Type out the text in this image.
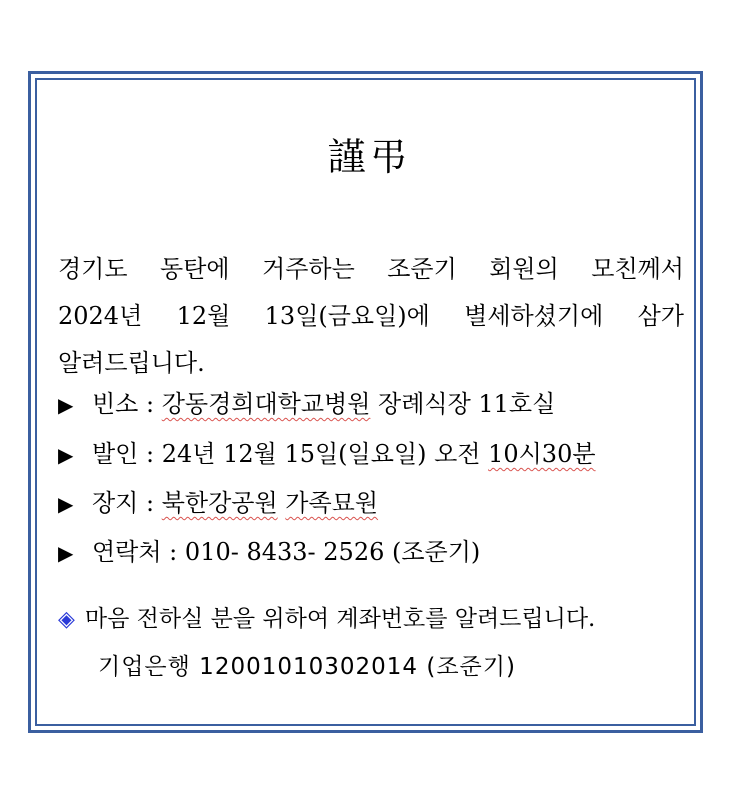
謹弔
경기도 동탄에 거주하는 조준기 회원의 모친께서
2024년 12월 13일(금요일)에 별세하셨기에 삼가
알려드립니다.
▶ 빈소 : 강동경희대학교병원 장례식장 11호실
▶ 발인 : 24년 12월 15일(일요일) 오전 10시30분
▶ 장지 : 북한강공원 가족묘원
▶ 연락처 : 010- 8433- 2526 (조준기)
◈ 마음 전하실 분을 위하여 계좌번호를 알려드립니다.
기업은행 12001010302014 (조준기)
